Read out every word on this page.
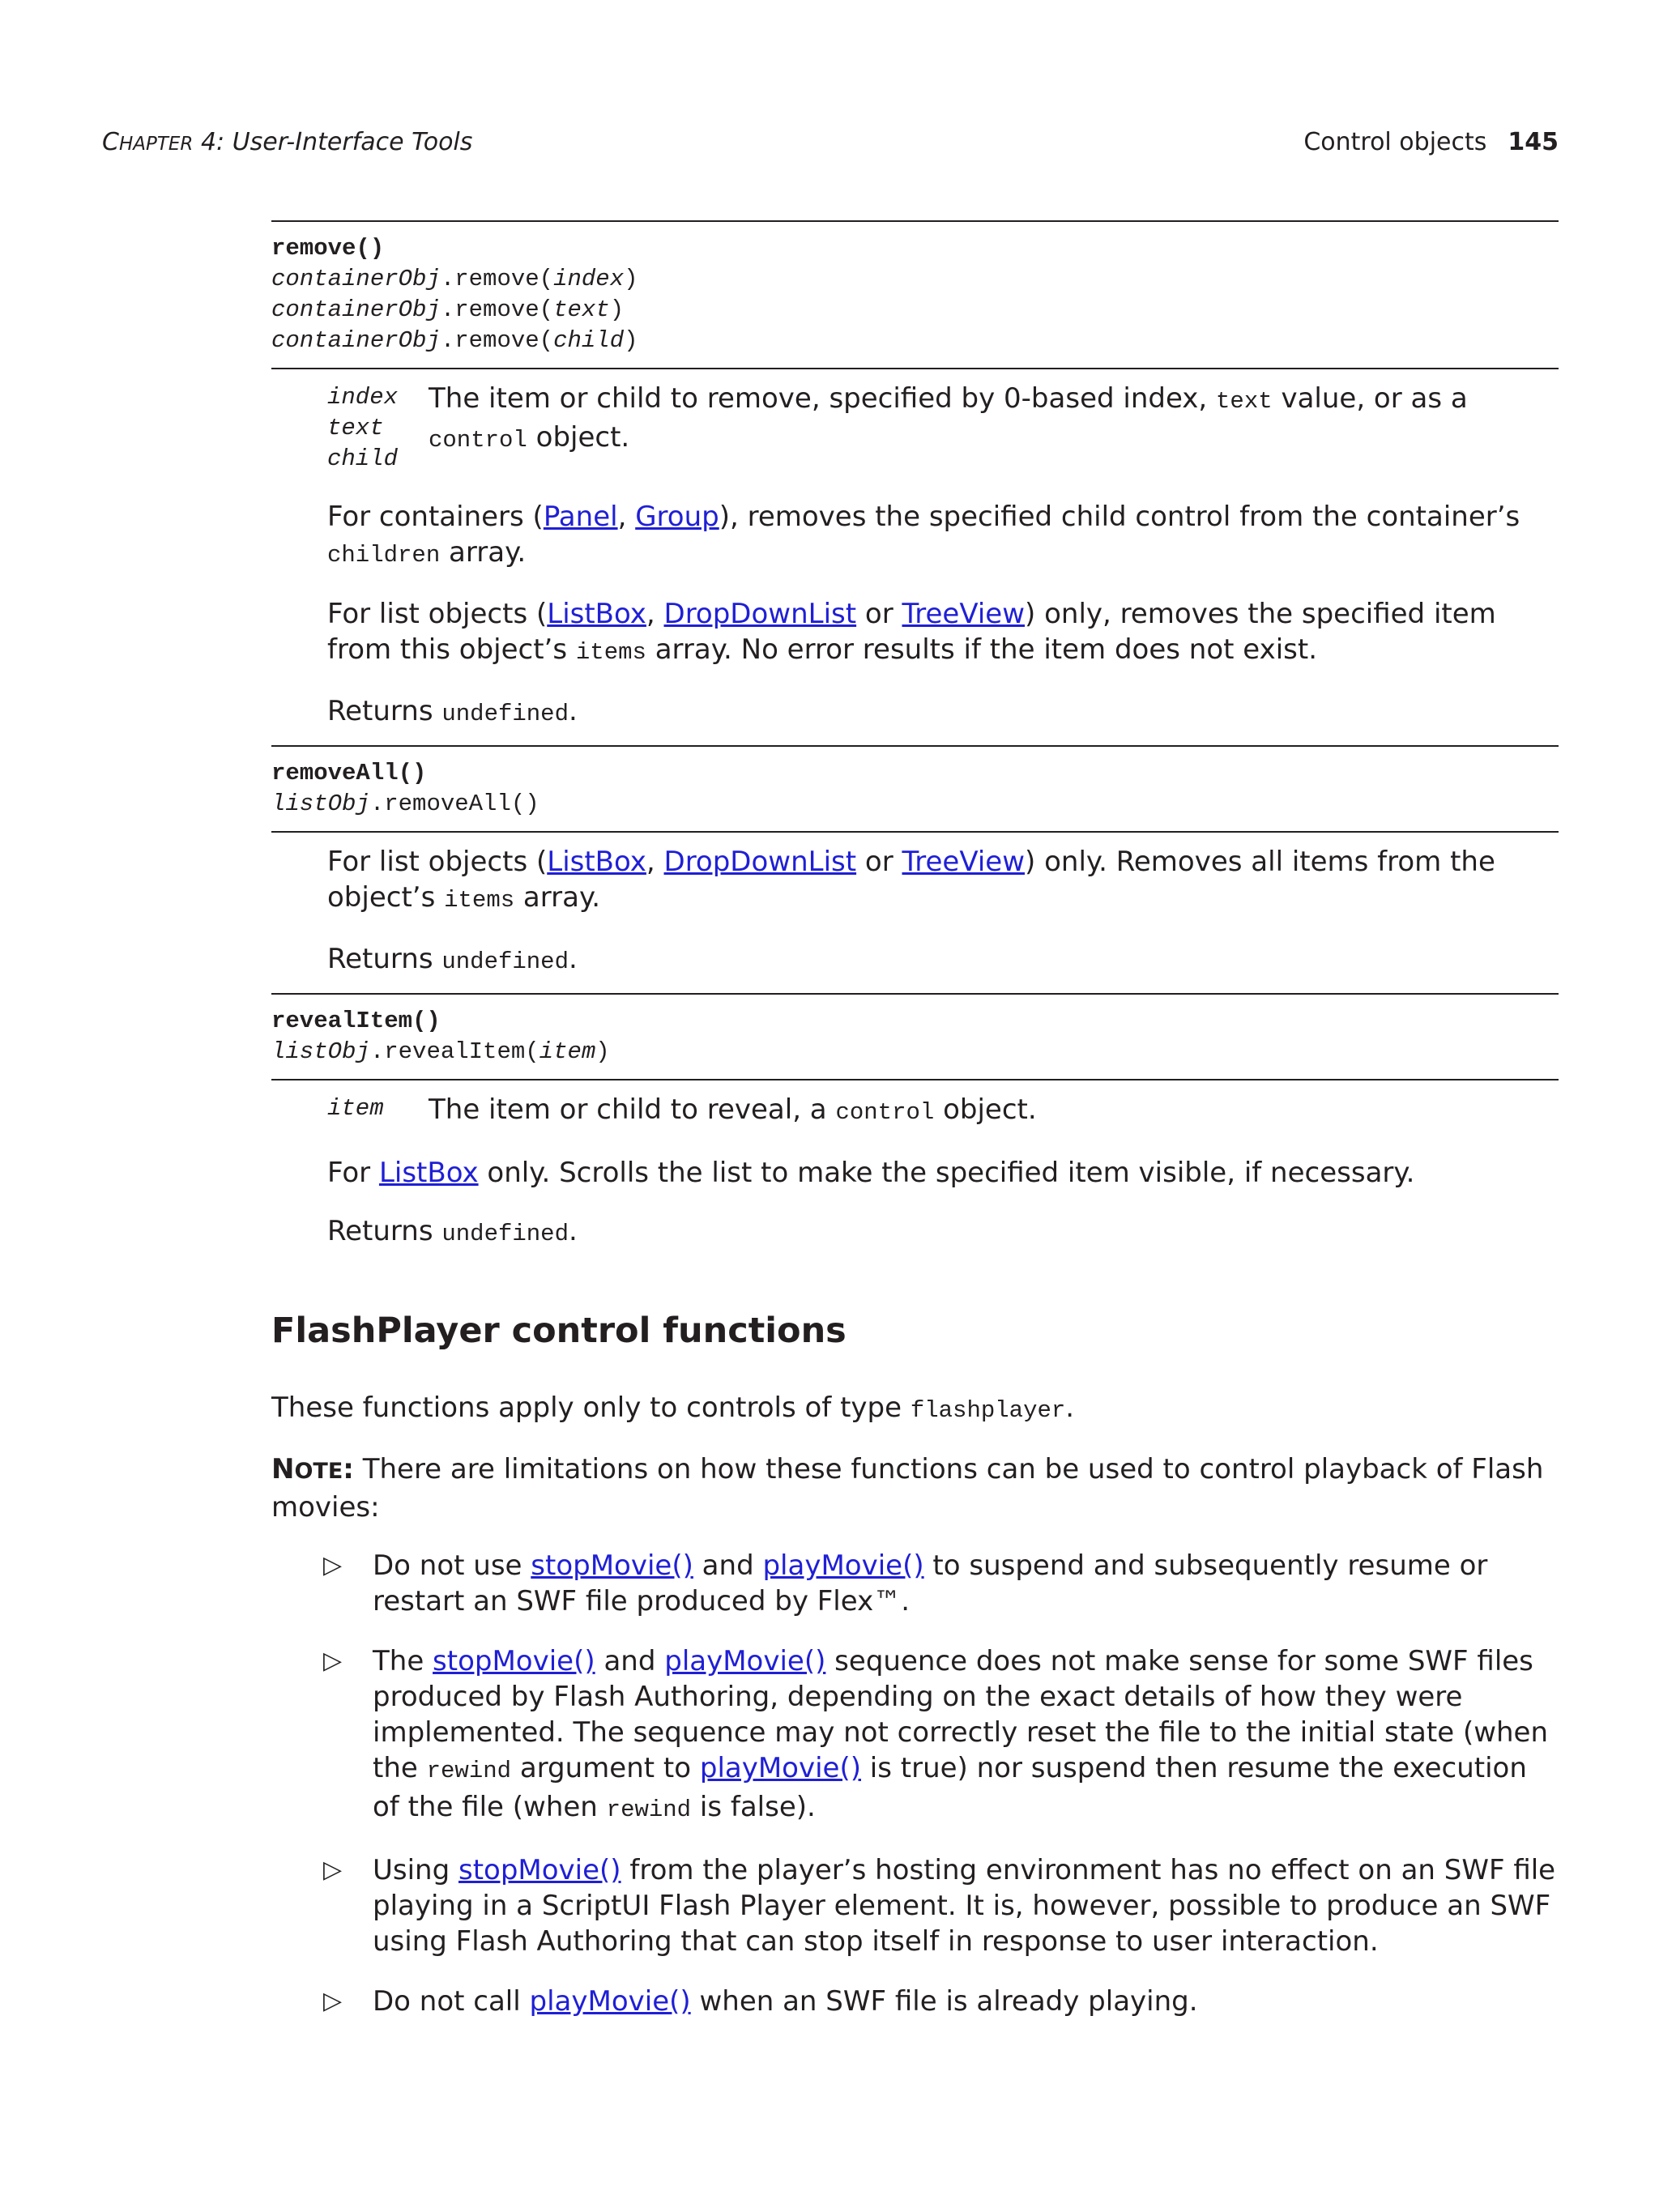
CHAPTER 4: User-Interface Tools	Control objects 145
remove()
containerObj.remove(index)
containerObj.remove(text)
containerObj.remove(child)
index
text
child
The item or child to remove, specified by 0-based index, text value, or as a control object.

For containers (Panel, Group), removes the specified child control from the container’s children array.

For list objects (ListBox, DropDownList or TreeView) only, removes the specified item from this object’s items array. No error results if the item does not exist.

Returns undefined.

removeAll()
listObj.removeAll()

For list objects (ListBox, DropDownList or TreeView) only. Removes all items from the object’s items array.

Returns undefined.

revealItem()
listObj.revealItem(item)
item	The item or child to reveal, a control object.

For ListBox only. Scrolls the list to make the specified item visible, if necessary.

Returns undefined.

FlashPlayer control functions

These functions apply only to controls of type flashplayer.

NOTE: There are limitations on how these functions can be used to control playback of Flash movies:

▷ Do not use stopMovie() and playMovie() to suspend and subsequently resume or restart an SWF file produced by Flex™.
▷ The stopMovie() and playMovie() sequence does not make sense for some SWF files produced by Flash Authoring, depending on the exact details of how they were implemented. The sequence may not correctly reset the file to the initial state (when the rewind argument to playMovie() is true) nor suspend then resume the execution of the file (when rewind is false).
▷ Using stopMovie() from the player’s hosting environment has no effect on an SWF file playing in a ScriptUI Flash Player element. It is, however, possible to produce an SWF using Flash Authoring that can stop itself in response to user interaction.
▷ Do not call playMovie() when an SWF file is already playing.
